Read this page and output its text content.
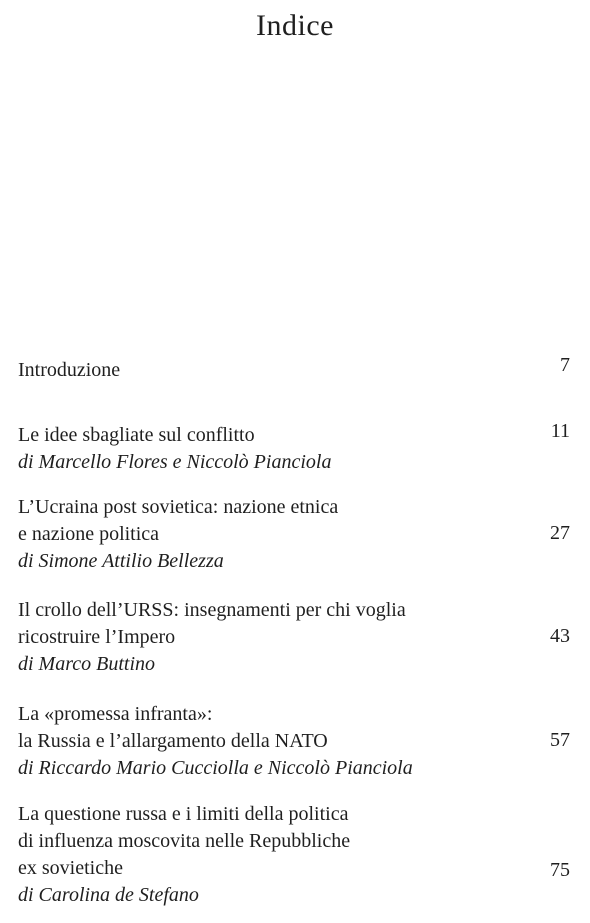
Indice
Introduzione	7
Le idee sbagliate sul conflitto
di Marcello Flores e Niccolò Pianciola
11
L’Ucraina post sovietica: nazione etnica
e nazione politica
di Simone Attilio Bellezza
27
Il crollo dell’URSS: insegnamenti per chi voglia
ricostruire l’Impero
di Marco Buttino
43
La «promessa infranta»:
la Russia e l’allargamento della NATO
di Riccardo Mario Cucciolla e Niccolò Pianciola
57
La questione russa e i limiti della politica
di influenza moscovita nelle Repubbliche
ex sovietiche
di Carolina de Stefano
75
